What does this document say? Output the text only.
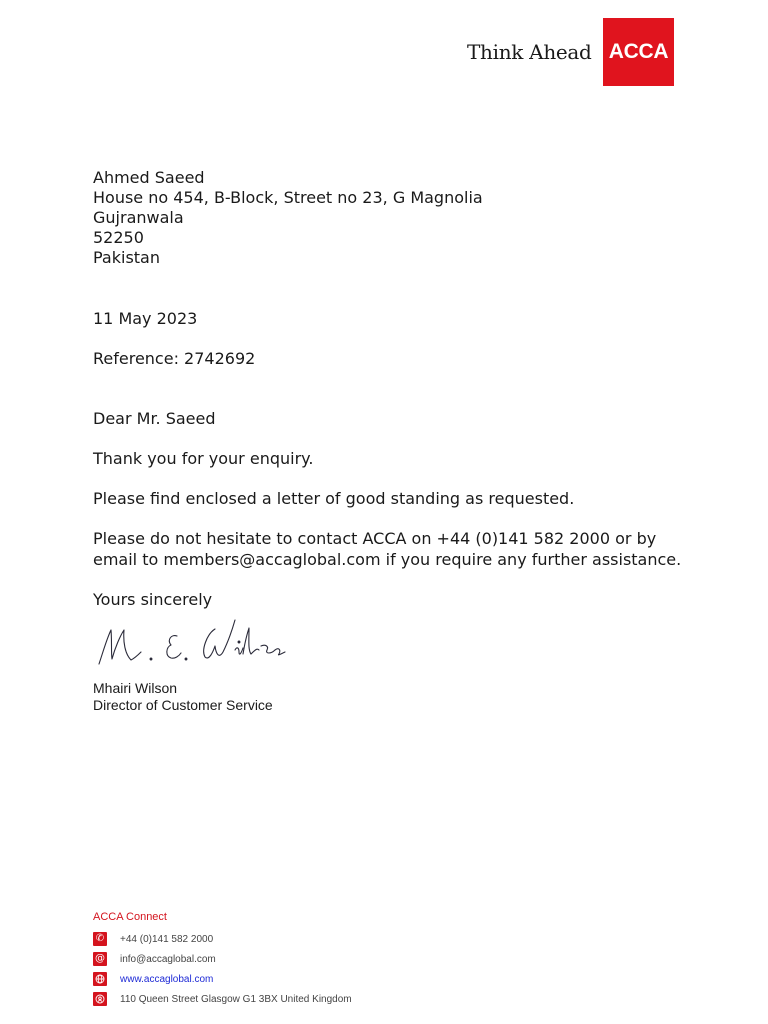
Think Ahead ACCA
Ahmed Saeed
House no 454, B-Block, Street no 23, G Magnolia
Gujranwala
52250
Pakistan
11 May 2023
Reference: 2742692
Dear Mr. Saeed
Thank you for your enquiry.
Please find enclosed a letter of good standing as requested.
Please do not hesitate to contact ACCA on +44 (0)141 582 2000 or by
email to members@accaglobal.com if you require any further assistance.
Yours sincerely
Mhairi Wilson
Director of Customer Service
ACCA Connect
✆ +44 (0)141 582 2000
@ info@accaglobal.com
www.accaglobal.com
110 Queen Street Glasgow G1 3BX United Kingdom
